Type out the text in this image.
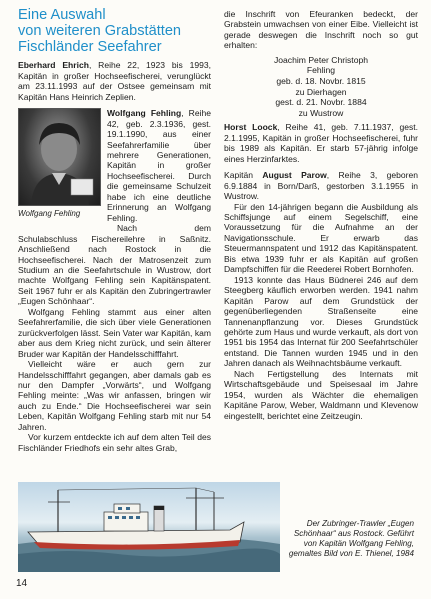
Eine Auswahl
von weiteren Grabstätten
Fischländer Seefahrer

Eberhard Ehrich, Reihe 22, 1923 bis 1993, Kapitän in großer Hochseefischerei, verunglückt am 23.11.1993 auf der Ostsee gemeinsam mit Kapitän Hans Heinrich Zeplien.

Wolfgang Fehling

Wolfgang Fehling, Reihe 42, geb. 2.3.1936, gest. 19.1.1990, aus einer Seefahrerfamilie über mehrere Generationen, Kapitän in großer Hochseefischerei. Durch die gemeinsame Schulzeit habe ich eine deutliche Erinnerung an Wolfgang Fehling.

Nach dem Schulabschluss Fischereilehre in Saßnitz. Anschließend nach Rostock in die Hochseefischerei. Nach der Matrosenzeit zum Studium an die Seefahrtschule in Wustrow, dort machte Wolfgang Fehling sein Kapitänspatent. Seit 1967 fuhr er als Kapitän den Zubringertrawler „Eugen Schönhaar“.

Wolfgang Fehling stammt aus einer alten Seefahrerfamilie, die sich über viele Generationen zurückverfolgen lässt. Sein Vater war Kapitän, kam aber aus dem Krieg nicht zurück, und sein älterer Bruder war Kapitän der Handelsschifffahrt.

Vielleicht wäre er auch gern zur Handelsschifffahrt gegangen, aber damals gab es nur den Dampfer „Vorwärts“, und Wolfgang Fehling meinte: „Was wir anfassen, bringen wir auch zu Ende.“ Die Hochseefischerei war sein Leben, Kapitän Wolfgang Fehling starb mit nur 54 Jahren.

Vor kurzem entdeckte ich auf dem alten Teil des Fischländer Friedhofs ein sehr altes Grab,

die Inschrift von Efeuranken bedeckt, der Grabstein umwachsen von einer Eibe. Vielleicht ist gerade deswegen die Inschrift noch so gut erhalten:

Joachim Peter Christoph
Fehling
geb. d. 18. Novbr. 1815
zu Dierhagen
gest. d. 21. Novbr. 1884
zu Wustrow

Horst Loock, Reihe 41, geb. 7.11.1937, gest. 2.1.1995, Kapitän in großer Hochseefischerei, fuhr bis 1989 als Kapitän. Er starb 57-jährig infolge eines Herzinfarktes.

Kapitän August Parow, Reihe 3, geboren 6.9.1884 in Born/Darß, gestorben 3.1.1955 in Wustrow.

Für den 14-jährigen begann die Ausbildung als Schiffsjunge auf einem Segelschiff, eine Voraussetzung für die Aufnahme an der Navigationsschule. Er erwarb das Steuermannspatent und 1912 das Kapitänspatent. Bis etwa 1939 fuhr er als Kapitän auf großen Dampfschiffen für die Reederei Robert Bornhofen.

1913 konnte das Haus Büdnerei 246 auf dem Steegberg käuflich erworben werden. 1941 nahm Kapitän Parow auf dem Grundstück der gegenüberliegenden Straßenseite eine Tannenanpflanzung vor. Dieses Grundstück gehörte zum Haus und wurde verkauft, als dort von 1951 bis 1954 das Internat für 200 Seefahrtschüler entstand. Die Tannen wurden 1945 und in den Jahren danach als Weihnachtsbäume verkauft.

Nach Fertigstellung des Internats mit Wirtschaftsgebäude und Speisesaal im Jahre 1954, wurden als Wächter die ehemaligen Kapitäne Parow, Weber, Waldmann und Klevenow eingestellt, berichtet eine Zeitzeugin.

Der Zubringer-Trawler „Eugen Schönhaar“ aus Rostock. Geführt von Kapitän Wolfgang Fehling, gemaltes Bild von E. Thienel, 1984
14
